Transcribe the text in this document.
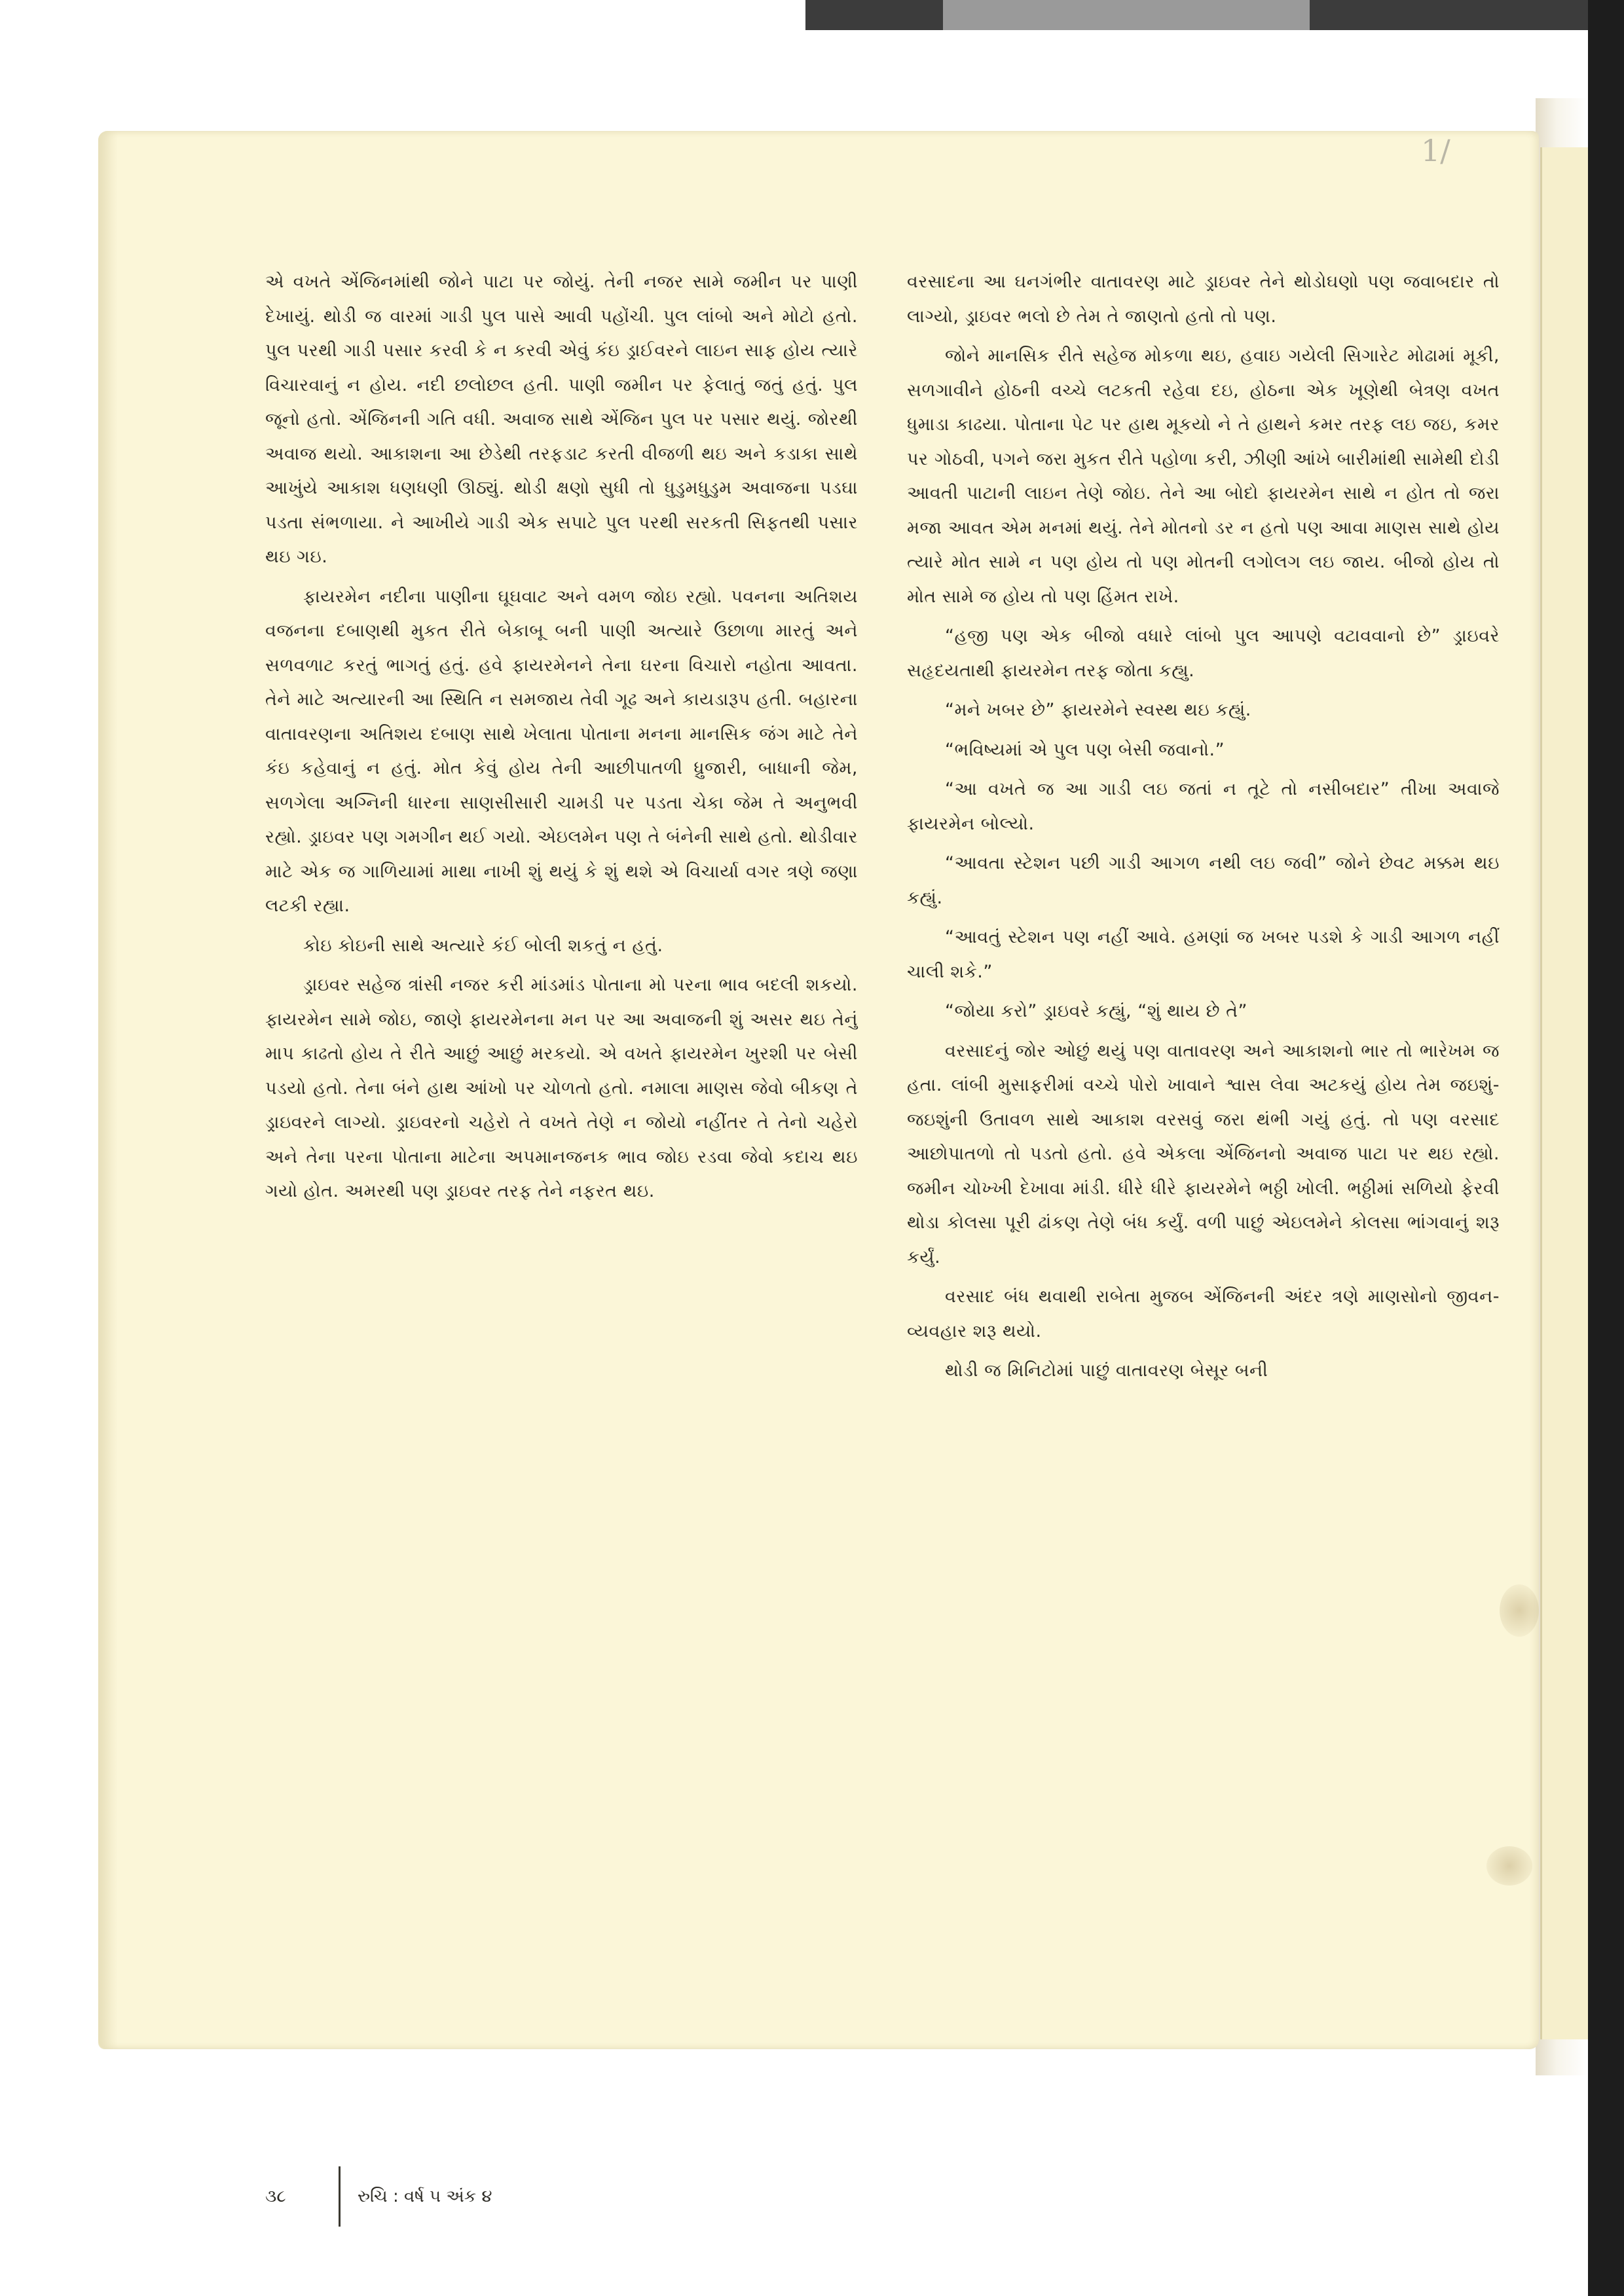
1/

એ વખતે એંજિનમાંથી જોને પાટા પર જોયું. તેની નજર સામે જમીન પર પાણી દેખાયું. થોડી જ વારમાં ગાડી પુલ પાસે આવી પહોંચી. પુલ લાંબો અને મોટો હતો. પુલ પરથી ગાડી પસાર કરવી કે ન કરવી એવું કંઇ ડ્રાઈવરને લાઇન સાફ હોય ત્યારે વિચારવાનું ન હોય. નદી છલોછલ હતી. પાણી જમીન પર ફેલાતું જતું હતું. પુલ જૂનો હતો. એંજિનની ગતિ વધી. અવાજ સાથે એંજિન પુલ પર પસાર થયું. જોરથી અવાજ થયો. આકાશના આ છેડેથી તરફડાટ કરતી વીજળી થઇ અને કડાકા સાથે આખુંયે આકાશ ધણધણી ઊઠ્યું. થોડી ક્ષણો સુધી તો ધુડુમધુડુમ અવાજના પડઘા પડતા સંભળાયા. ને આખીયે ગાડી એક સપાટે પુલ પરથી સરકતી સિફતથી પસાર થઇ ગઇ.

ફાયરમેન નદીના પાણીના ઘૂઘવાટ અને વમળ જોઇ રહ્યો. પવનના અતિશય વજનના દબાણથી મુકત રીતે બેકાબૂ બની પાણી અત્યારે ઉછાળા મારતું અને સળવળાટ કરતું ભાગતું હતું. હવે ફાયરમેનને તેના ઘરના વિચારો નહોતા આવતા. તેને માટે અત્યારની આ સ્થિતિ ન સમજાય તેવી ગૂઢ અને કાયડારૂપ હતી. બહારના વાતાવરણના અતિશય દબાણ સાથે ખેલાતા પોતાના મનના માનસિક જંગ માટે તેને કંઇ કહેવાનું ન હતું. મોત કેવું હોય તેની આછીપાતળી ધ્રુજારી, બાધાની જેમ, સળગેલા અગ્નિની ધારના સાણસીસારી ચામડી પર પડતા ચેકા જેમ તે અનુભવી રહ્યો. ડ્રાઇવર પણ ગમગીન થઈ ગયો. એઇલમેન પણ તે બંનેની સાથે હતો. થોડીવાર માટે એક જ ગાળિયામાં માથા નાખી શું થયું કે શું થશે એ વિચાર્યા વગર ત્રણે જણા લટકી રહ્યા.

કોઇ કોઇની સાથે અત્યારે કંઈ બોલી શકતું ન હતું.

ડ્રાઇવર સહેજ ત્રાંસી નજર કરી માંડમાંડ પોતાના મો પરના ભાવ બદલી શકયો. ફાયરમેન સામે જોઇ, જાણે ફાયરમેનના મન પર આ અવાજની શું અસર થઇ તેનું માપ કાઢતો હોય તે રીતે આછું આછું મરકયો. એ વખતે ફાયરમેન ખુરશી પર બેસી પડયો હતો. તેના બંને હાથ આંખો પર ચોળતો હતો. નમાલા માણસ જેવો બીકણ તે ડ્રાઇવરને લાગ્યો. ડ્રાઇવરનો ચહેરો તે વખતે તેણે ન જોયો નહીંતર તે તેનો ચહેરો અને તેના પરના પોતાના માટેના અપમાનજનક ભાવ જોઇ રડવા જેવો કદાચ થઇ ગયો હોત. અમરથી પણ ડ્રાઇવર તરફ તેને નફરત થઇ.

વરસાદના આ ઘનગંભીર વાતાવરણ માટે ડ્રાઇવર તેને થોડોઘણો પણ જવાબદાર તો લાગ્યો, ડ્રાઇવર ભલો છે તેમ તે જાણતો હતો તો પણ.

જોને માનસિક રીતે સહેજ મોકળા થઇ, હવાઇ ગયેલી સિગારેટ મોઢામાં મૂકી, સળગાવીને હોઠની વચ્ચે લટકતી રહેવા દઇ, હોઠના એક ખૂણેથી બેત્રણ વખત ધુમાડા કાઢયા. પોતાના પેટ પર હાથ મૂકયો ને તે હાથને કમર તરફ લઇ જઇ, કમર પર ગોઠવી, પગને જરા મુકત રીતે પહોળા કરી, ઝીણી આંખે બારીમાંથી સામેથી દોડી આવતી પાટાની લાઇન તેણે જોઇ. તેને આ બોદો ફાયરમેન સાથે ન હોત તો જરા મજા આવત એમ મનમાં થયું. તેને મોતનો ડર ન હતો પણ આવા માણસ સાથે હોય ત્યારે મોત સામે ન પણ હોય તો પણ મોતની લગોલગ લઇ જાય. બીજો હોય તો મોત સામે જ હોય તો પણ હિંમત રાખે.

“હજી પણ એક બીજો વધારે લાંબો પુલ આપણે વટાવવાનો છે” ડ્રાઇવરે સહૃદયતાથી ફાયરમેન તરફ જોતા કહ્યુ.

“મને ખબર છે” ફાયરમેને સ્વસ્થ થઇ કહ્યું.

“ભવિષ્યમાં એ પુલ પણ બેસી જવાનો.”

“આ વખતે જ આ ગાડી લઇ જતાં ન તૂટે તો નસીબદાર” તીખા અવાજે ફાયરમેન બોલ્યો.

“આવતા સ્ટેશન પછી ગાડી આગળ નથી લઇ જવી” જોને છેવટ મક્કમ થઇ કહ્યું.

“આવતું સ્ટેશન પણ નહીં આવે. હમણાં જ ખબર પડશે કે ગાડી આગળ નહીં ચાલી શકે.”

“જોયા કરો” ડ્રાઇવરે કહ્યું, “શું થાય છે તે”

વરસાદનું જોર ઓછું થયું પણ વાતાવરણ અને આકાશનો ભાર તો ભારેખમ જ હતા. લાંબી મુસાફરીમાં વચ્ચે પોરો ખાવાને શ્વાસ લેવા અટકયું હોય તેમ જઇશું-જઇશુંની ઉતાવળ સાથે આકાશ વરસવું જરા થંભી ગયું હતું. તો પણ વરસાદ આછોપાતળો તો પડતો હતો. હવે એકલા એંજિનનો અવાજ પાટા પર થઇ રહ્યો. જમીન ચોખ્ખી દેખાવા માંડી. ધીરે ધીરે ફાયરમેને ભઠ્ઠી ખોલી. ભઠ્ઠીમાં સળિયો ફેરવી થોડા કોલસા પૂરી ઢાંકણ તેણે બંધ કર્યું. વળી પાછું એઇલમેને કોલસા ભાંગવાનું શરૂ કર્યું.

વરસાદ બંધ થવાથી રાબેતા મુજબ એંજિનની અંદર ત્રણે માણસોનો જીવન-વ્યવહાર શરૂ થયો.

થોડી જ મિનિટોમાં પાછું વાતાવરણ બેસૂર બની

૩૮	રુચિ : વર્ષ ૫ અંક ૪
